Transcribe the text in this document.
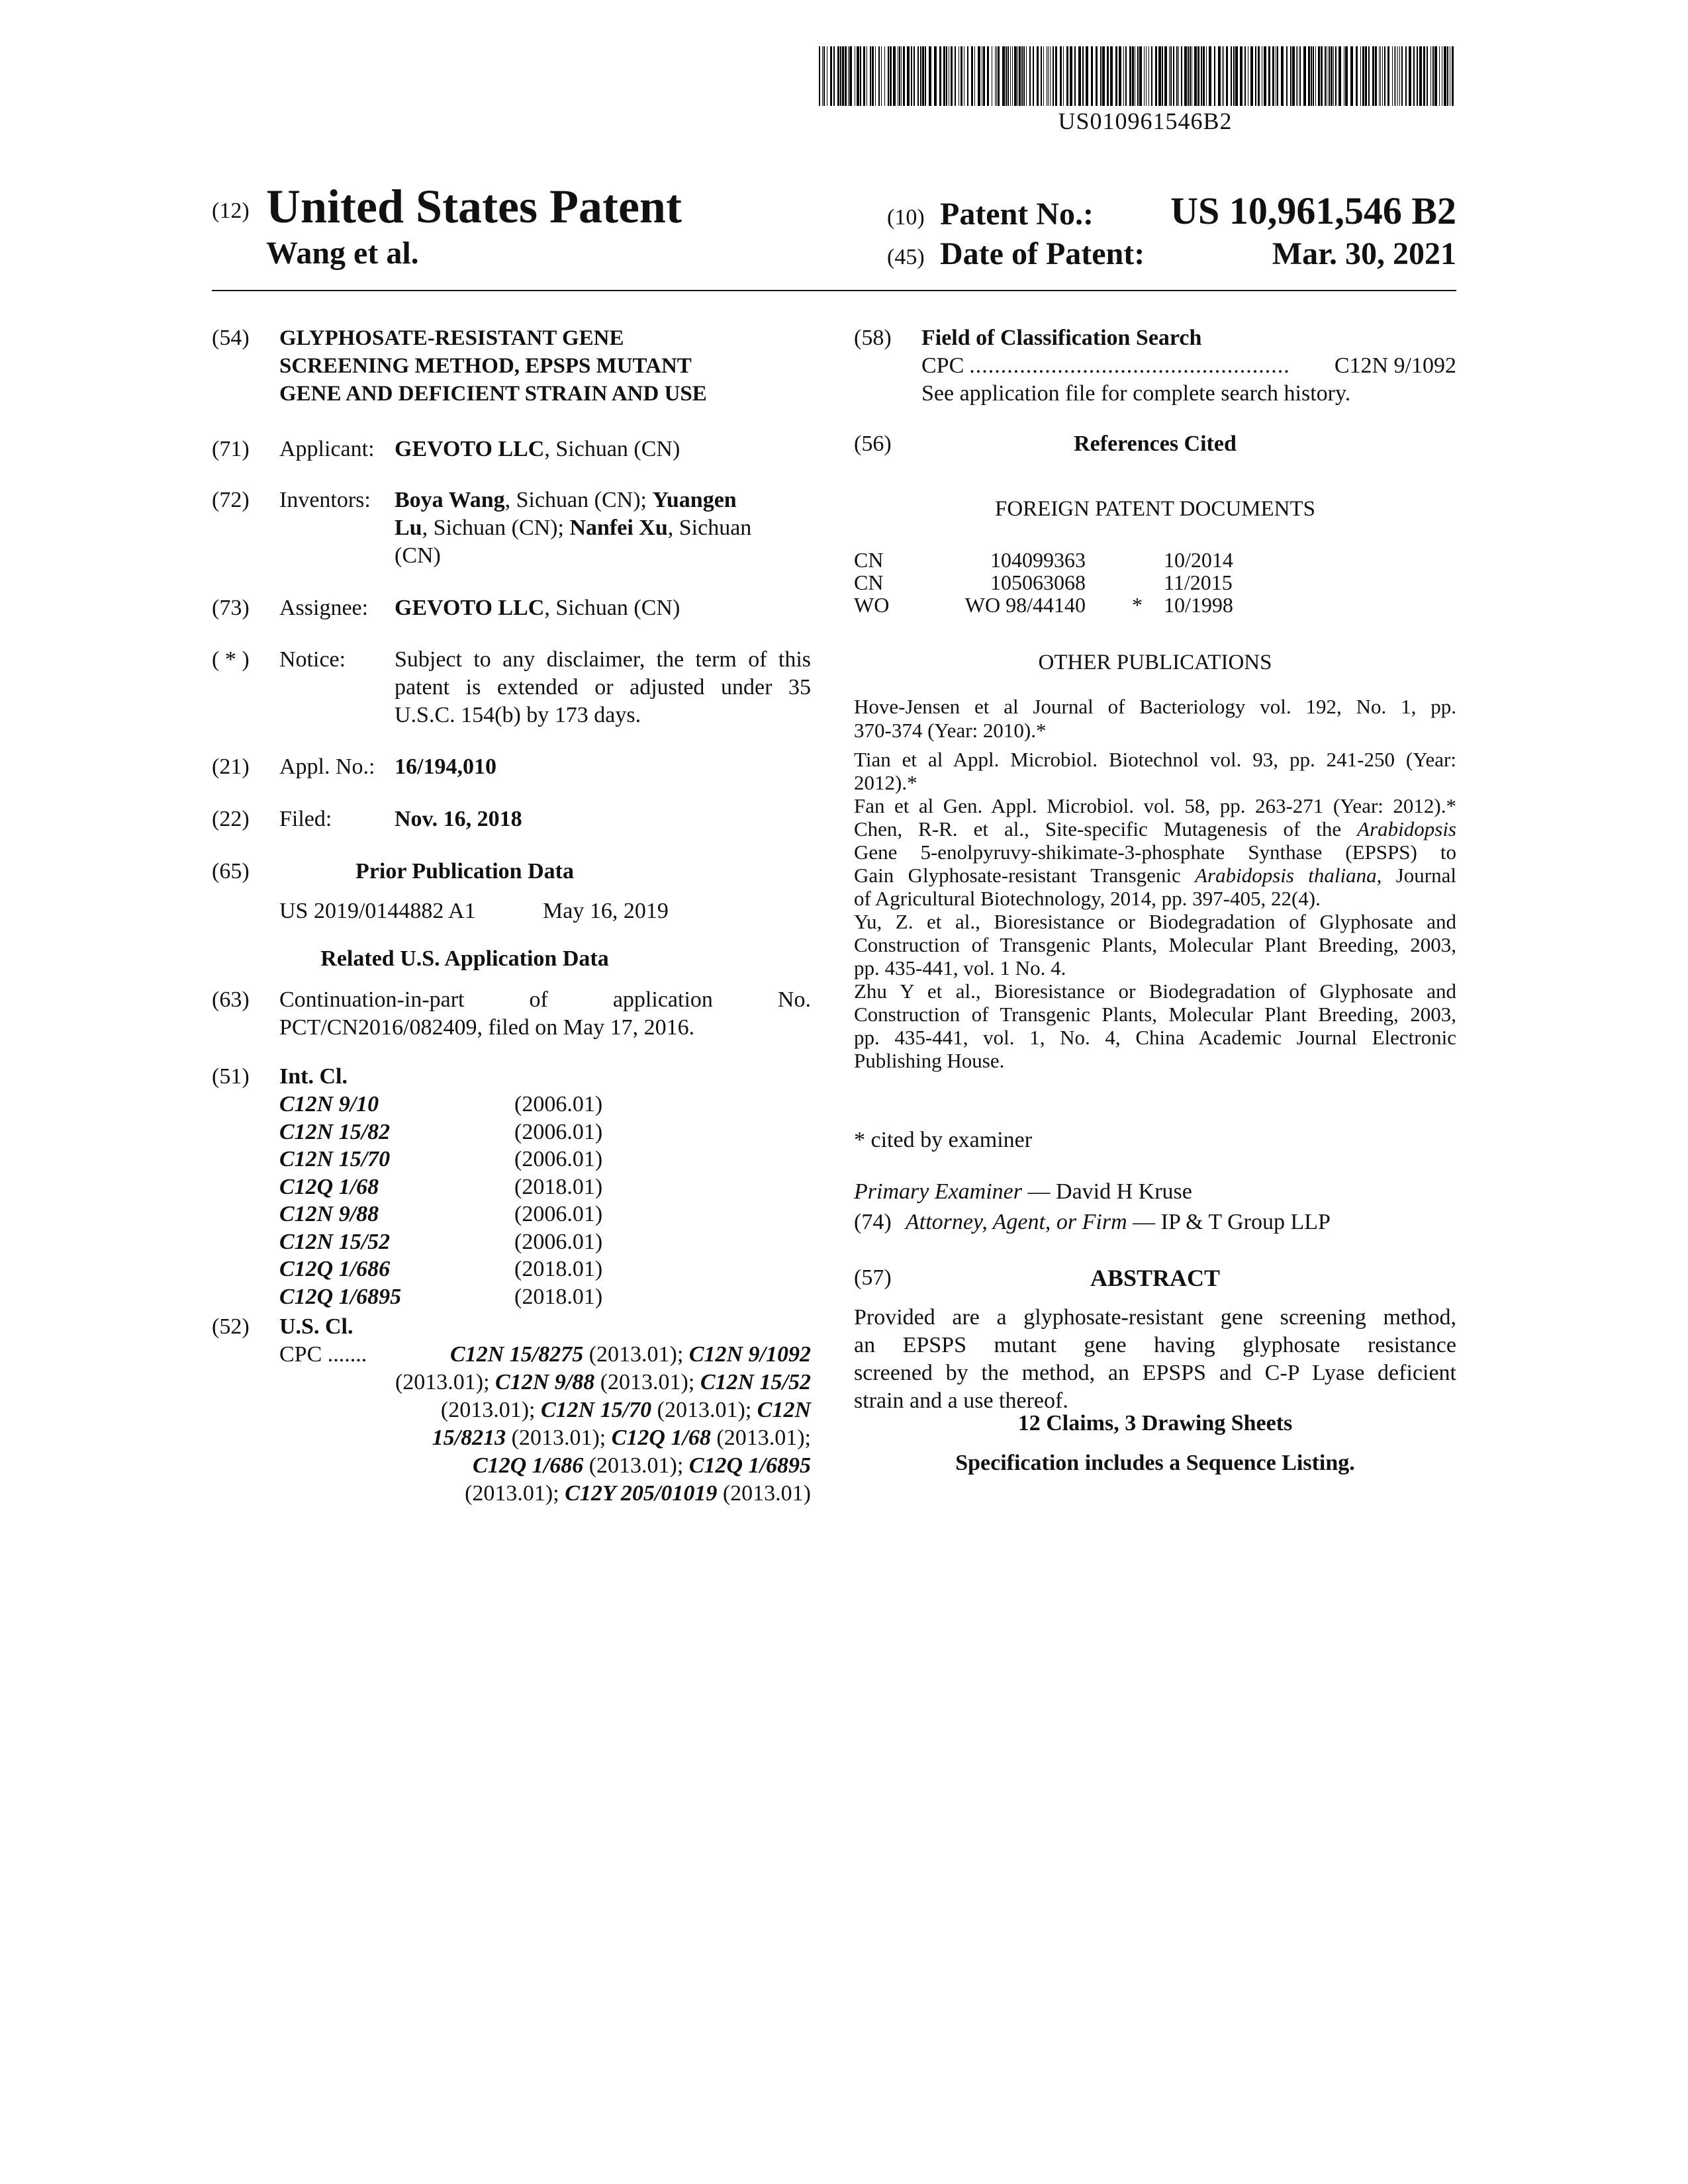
US010961546B2
(12) United States Patent
Wang et al.
(10) Patent No.:	US 10,961,546 B2
(45) Date of Patent:	Mar. 30, 2021
(54) GLYPHOSATE-RESISTANT GENE
SCREENING METHOD, EPSPS MUTANT
GENE AND DEFICIENT STRAIN AND USE
(71) Applicant: GEVOTO LLC, Sichuan (CN)
(72) Inventors: Boya Wang, Sichuan (CN); Yuangen
Lu, Sichuan (CN); Nanfei Xu, Sichuan
(CN)
(73) Assignee: GEVOTO LLC, Sichuan (CN)
( * ) Notice: Subject to any disclaimer, the term of this
patent is extended or adjusted under 35
U.S.C. 154(b) by 173 days.
(21) Appl. No.: 16/194,010
(22) Filed:	Nov. 16, 2018
(65)	Prior Publication Data
US 2019/0144882 A1	May 16, 2019
Related U.S. Application Data
(63) Continuation-in-part	of	application	No.
PCT/CN2016/082409, filed on May 17, 2016.
(51) Int. Cl.
C12N 9/10	(2006.01)
C12N 15/82	(2006.01)
C12N 15/70	(2006.01)
C12Q 1/68	(2018.01)
C12N 9/88	(2006.01)
C12N 15/52	(2006.01)
C12Q 1/686	(2018.01)
C12Q 1/6895	(2018.01)
(52) U.S. Cl.
CPC .......	C12N 15/8275 (2013.01); C12N 9/1092
(2013.01); C12N 9/88 (2013.01); C12N 15/52
(2013.01); C12N 15/70 (2013.01); C12N
15/8213 (2013.01); C12Q 1/68 (2013.01);
C12Q 1/686 (2013.01); C12Q 1/6895
(2013.01); C12Y 205/01019 (2013.01)
(58) Field of Classification Search
CPC ...................................................	C12N 9/1092
See application file for complete search history.
(56)	References Cited
FOREIGN PATENT DOCUMENTS
CN	104099363	10/2014
CN	105063068	11/2015
WO	WO 98/44140 * 10/1998
OTHER PUBLICATIONS
Hove-Jensen et al Journal of Bacteriology vol. 192, No. 1, pp.
370-374 (Year: 2010).*
Tian et al Appl. Microbiol. Biotechnol vol. 93, pp. 241-250 (Year:
2012).*
Fan et al Gen. Appl. Microbiol. vol. 58, pp. 263-271 (Year: 2012).*
Chen, R-R. et al., Site-specific Mutagenesis of the Arabidopsis
Gene 5-enolpyruvy-shikimate-3-phosphate Synthase (EPSPS) to
Gain Glyphosate-resistant Transgenic Arabidopsis thaliana, Journal
of Agricultural Biotechnology, 2014, pp. 397-405, 22(4).
Yu, Z. et al., Bioresistance or Biodegradation of Glyphosate and
Construction of Transgenic Plants, Molecular Plant Breeding, 2003,
pp. 435-441, vol. 1 No. 4.
Zhu Y et al., Bioresistance or Biodegradation of Glyphosate and
Construction of Transgenic Plants, Molecular Plant Breeding, 2003,
pp. 435-441, vol. 1, No. 4, China Academic Journal Electronic
Publishing House.
* cited by examiner
Primary Examiner — David H Kruse
(74) Attorney, Agent, or Firm — IP & T Group LLP
(57)	ABSTRACT
Provided are a glyphosate-resistant gene screening method,
an EPSPS mutant gene having glyphosate resistance
screened by the method, an EPSPS and C-P Lyase deficient
strain and a use thereof.
12 Claims, 3 Drawing Sheets
Specification includes a Sequence Listing.
